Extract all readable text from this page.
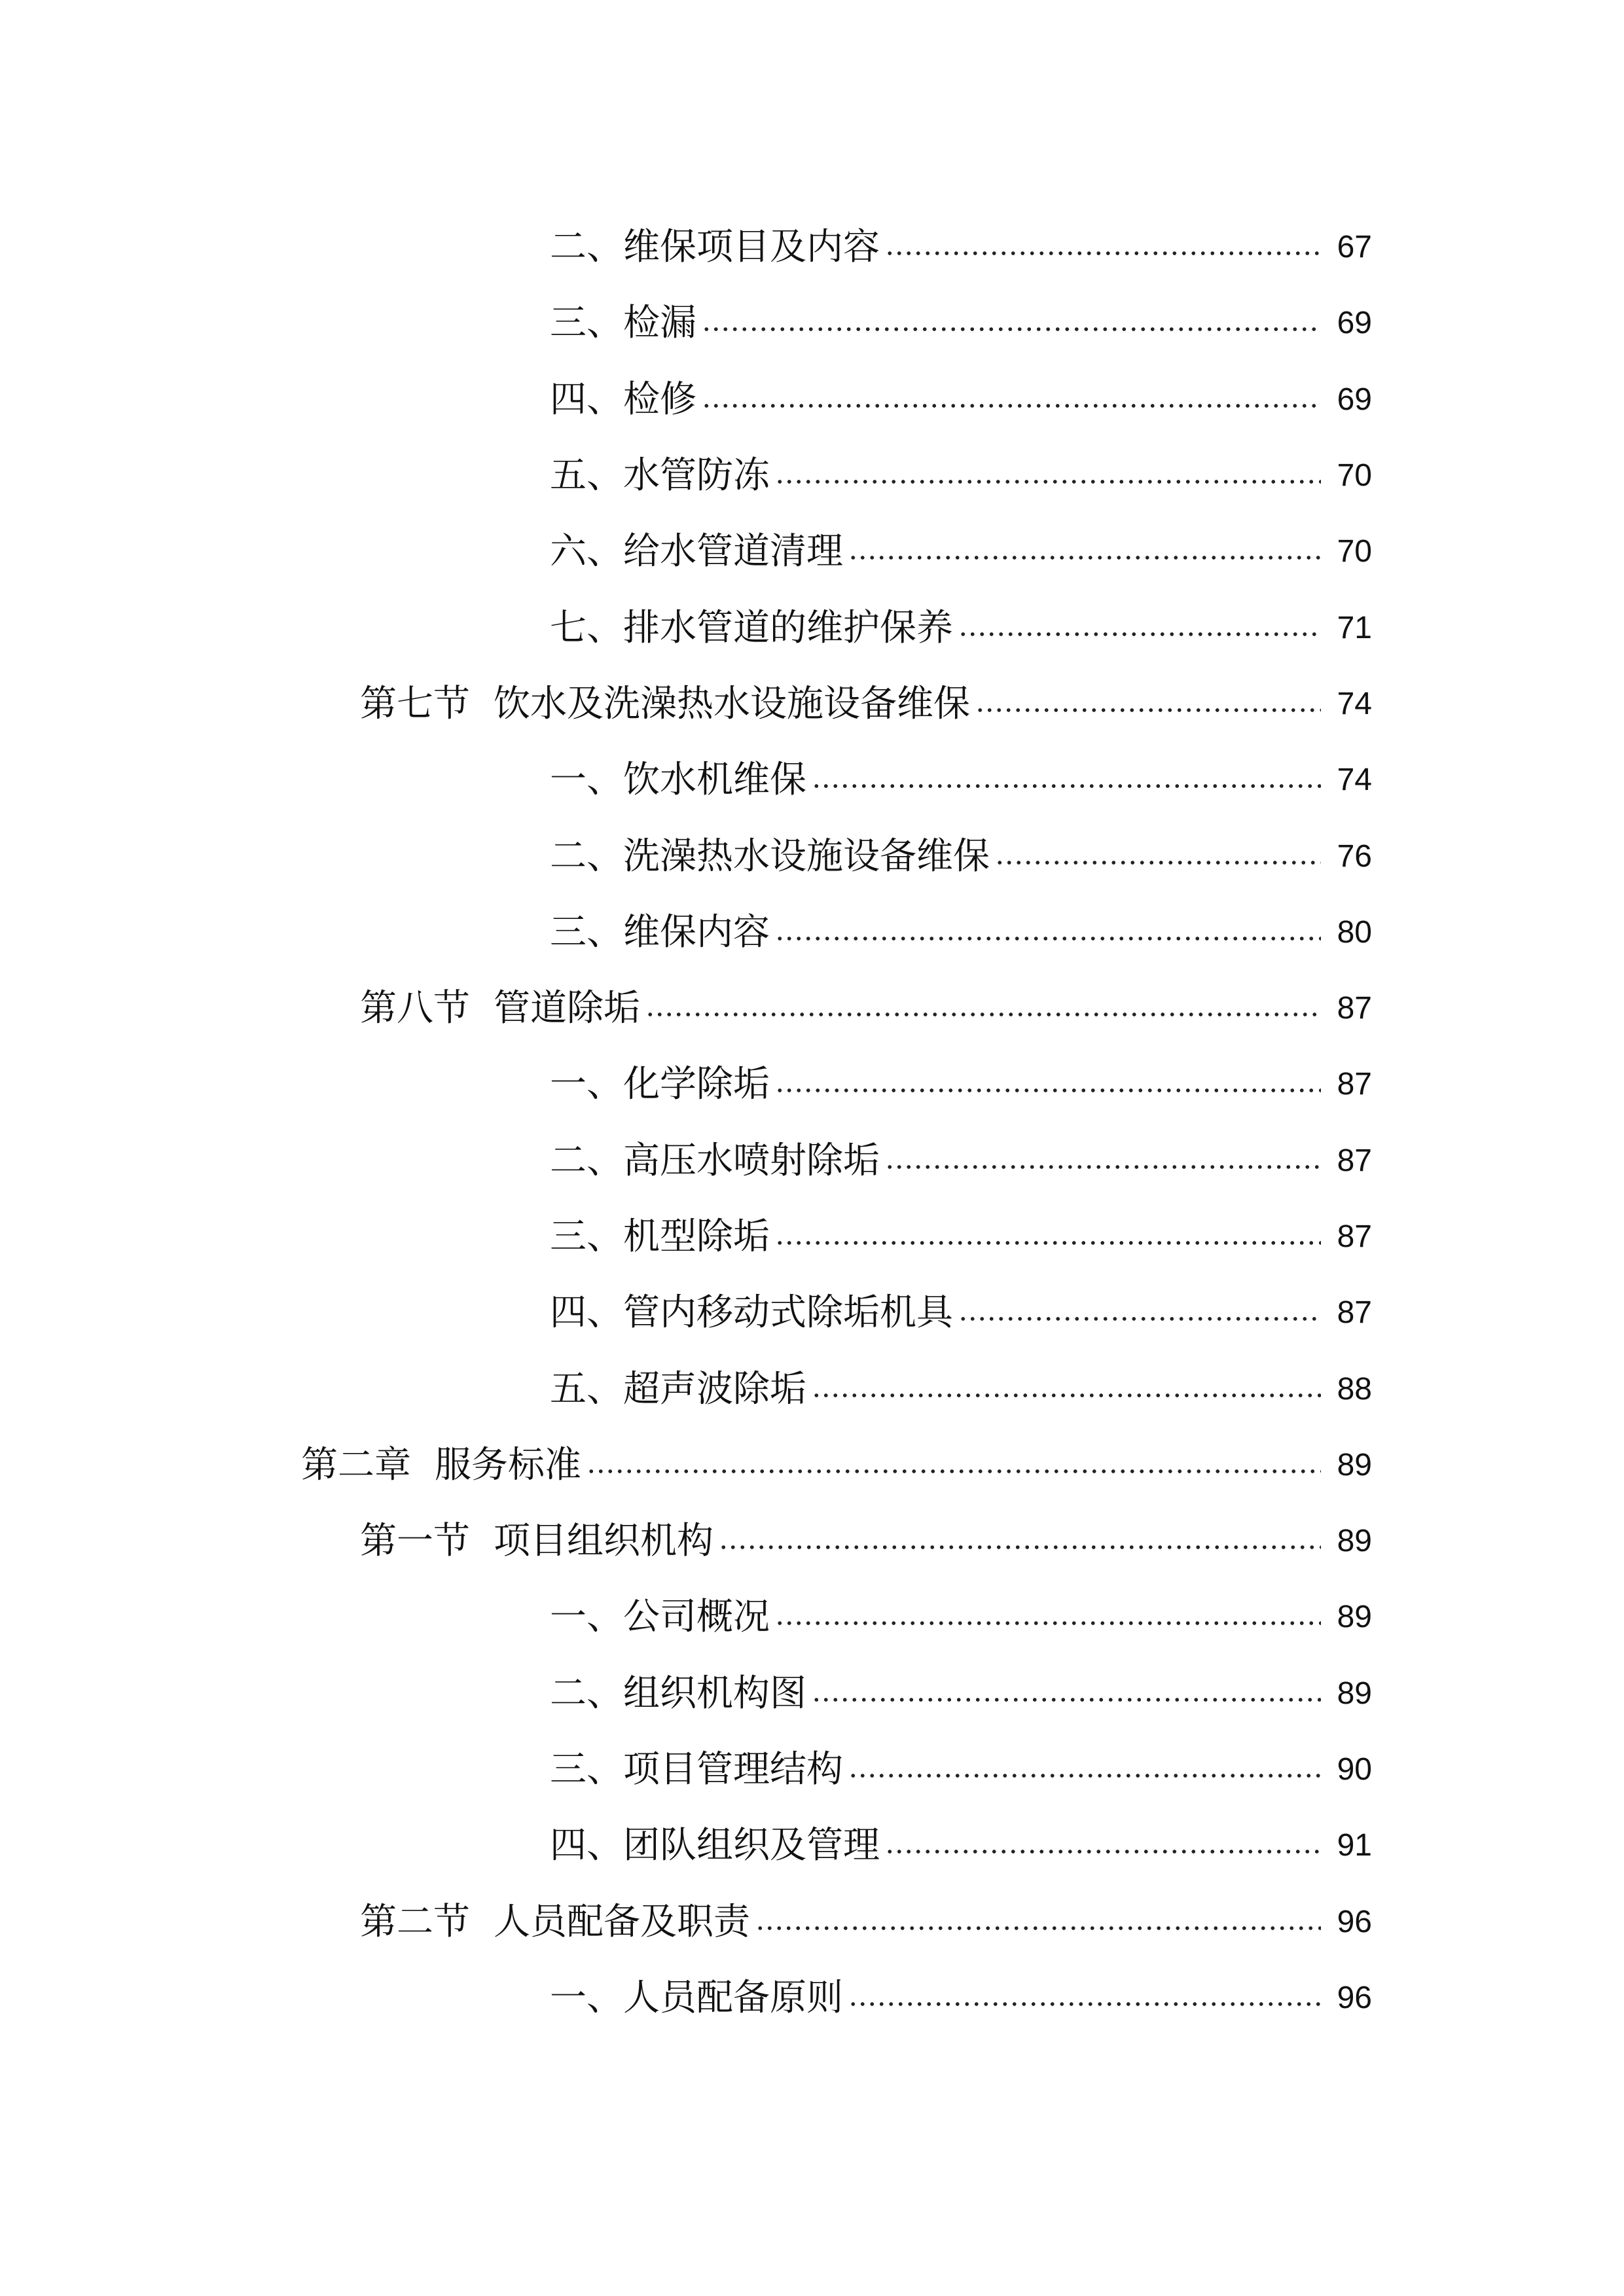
二、维保项目及内容	67
三、检漏	69
四、检修	69
五、水管防冻	70
六、给水管道清理	70
七、排水管道的维护保养	71
第七节 饮水及洗澡热水设施设备维保	74
一、饮水机维保	74
二、洗澡热水设施设备维保	76
三、维保内容	80
第八节 管道除垢	87
一、化学除垢	87
二、高压水喷射除垢	87
三、机型除垢	87
四、管内移动式除垢机具	87
五、超声波除垢	88
第二章 服务标准	89
第一节 项目组织机构	89
一、公司概况	89
二、组织机构图	89
三、项目管理结构	90
四、团队组织及管理	91
第二节 人员配备及职责	96
一、人员配备原则	96
